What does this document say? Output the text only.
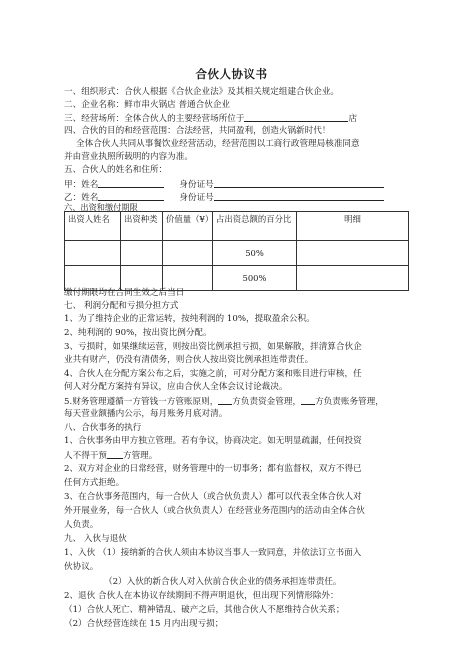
合伙人协议书
一、组织形式：合伙人根据《合伙企业法》及其相关规定组建合伙企业。
二、企业名称：鲜市串火锅店 普通合伙企业
三、经营场所：全体合伙人的主要经营场所位于	店
四、合伙的目的和经营范围：合法经营，共同盈利，创造火锅新时代！
全体合伙人共同从事餐饮业经营活动，经营范围以工商行政管理局核准同意
并由营业执照所载明的内容为准。
五、合伙人的姓名和住所：
甲：姓名	身份证号
乙：姓名	身份证号
六、出资和缴付期限
出资人姓名	出资种类	价值量（¥）	占出资总额的百分比	明细
			50%	
			500%	
缴付期限均在合同生效之后当日
七、 利润分配和亏损分担方式
1、为了维持企业的正常运转，按纯利润的 10%，提取盈余公积。
2、纯利润的 90%，按出资比例分配。
3、亏损时，如果继续运营，则按出资比例承担亏损，如果解散，拌清算合伙企
业共有财产，仍没有清债务，则合伙人按出资比例承担连带责任。
4、合伙人在分配方案公布之后，实施之前，可对分配方案和账目进行审核，任
何人对分配方案持有异议，应由合伙人全体会议讨论裁决。
5.财务管理遵循一方管钱一方管账原则， 方负责资金管理， 方负责账务管理，
每天营业额播内公示，每月账务月底对清。
八、合伙事务的执行
1、合伙事务由甲方独立管理。若有争议，协商决定。如无明显疏漏，任何投资
人不得干预 方管理。
2、双方对企业的日常经营，财务管理中的一切事务；都有监督权，双方不得已
任何方式拒绝。
3、在合伙事务范围内，每一合伙人（或合伙负责人）都可以代表全体合伙人对
外开展业务，每一合伙人（或合伙负责人）在经营业务范围内的活动由全体合伙
人负责。
九、 入伙与退伙
1、入伙 （1）接纳新的合伙人须由本协议当事人一致同意，并依法订立书面入
伙协议。
（2）入伙的新合伙人对入伙前合伙企业的债务承担连带责任。
2、退伙 合伙人在本协议存续期间不得声明退伙，但出现下列情形除外：
（1）合伙人死亡、精神错乱、破产之后，其他合伙人不愿维持合伙关系；
（2）合伙经营连续在 15 月内出现亏损；
